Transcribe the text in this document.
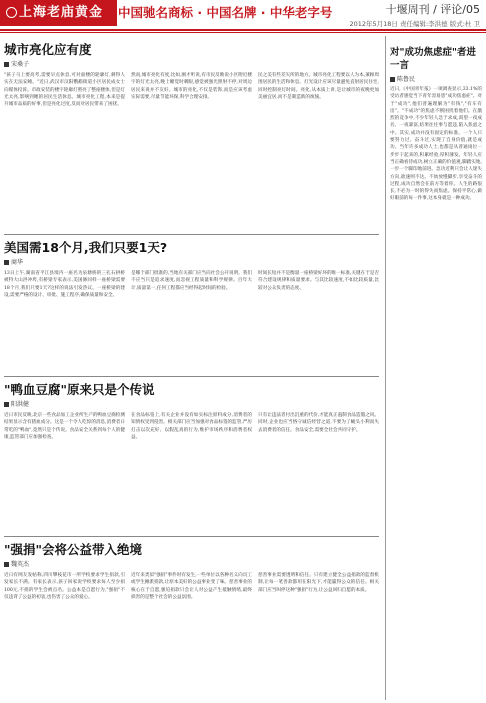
上海老庙黄金	中国驰名商标 · 中国名牌 · 中华老字号	十堰周刊 / 评论/05
2012年5月18日 责任编辑:李洪德 版式:杜 卫
城市亮化应有度
宋桑子
"孩子马上要高考,需要早点休息,可对面楼的轮廓灯,刺得人实在无法安睡。"近日,武汉市汉阳鹦鹉街道小区居民成女士向媒体投诉。市政安装的楼宇轮廓灯照亮了整座楼体,但是灯光太亮,影响到她的居民生活休息。城市亮化工程,本来是提升城市品质的好事,但是亮化过度,反而对居民带来了困扰。
然而,城市亮化有度,比如,刚才听说,有市民反映说小区附近楼宇的灯光太亮,晚上睡觉时刺眼,感觉被强光照射不停,对周边居民来说并不友好。城市的亮化,不仅是装饰,而是应该考虑实际需要,尽量节能环保,科学合理安排。
民之美有些差矢所的地方。城市亮化工程要以人为本,兼顾周围居民的生活和休息。灯光设计应该尽量避免直射居民住宅,同时控制亮灯时间。亮化,从本质上讲,是让城市的夜晚更加美丽宜居,而不是制造新的烦恼。
美国需18个月,我们只要1天?
商华
13日上午,湖南省平江县境内一座名为泉塘桥的三孔石拱桥被特大山洪冲垮,有桥梁专家表示,美国修同样一座桥梁需要18个月,我们只要1天?这样的说法引发热议。一座桥梁的建设,需要严格的设计、审批、施工程序,确保质量和安全。
是哪个部门批准的,当地有关部门应当向社会公开说明。我们不应当只是追求速度,而忽视工程质量和科学规律。百年大计,质量第一,任何工程都应当经得起时间的检验。
时间长短并不是衡量一座桥梁好坏的唯一标准,关键在于是否符合建设规律和质量要求。与其比较速度,不如比较质量,比较对公众负责的态度。
"鸭血豆腐"原来只是个传说
阳洪健
近日市民反映,北京一些食品加工企业所生产的鸭血豆腐检测结果显示含有猪血成分。这是一个令人吃惊的消息,消费者日常吃的"鸭血",竟然只是个传说。食品安全关系到每个人的健康,监管部门应加强检查。
在食品标签上,有关企业并没有如实标注原料成分,消费者的知情权受到侵害。相关部门应当加强对食品标签的监管,严厉打击以次充好、以假乱真的行为,维护市场秩序和消费者权益。
只有让违法者付出沉重的代价,才能真正遏制食品造假之风。同时,企业也应当恪守诚信经营之道,不要为了蝇头小利而失去消费者的信任。食品安全,需要全社会共同守护。
"强捐"会将公益带入绝境
魏英杰
近日有网友发帖称,四川攀枝花市一所学校要求学生捐款,引发家长不满。有家长表示,孩子回家说学校要求每人至少捐100元,不捐的学生会被点名。公益本是自愿行为,"强捐"不仅违背了公益的初衷,也伤害了公众的爱心。
近年来类似"强捐"事件时有发生,一些单位以各种名义向员工或学生摊派捐款,让原本美好的公益事业变了味。慈善事业的核心在于自愿,强迫捐款只会让人对公益产生抵触情绪,最终损害的是整个社会的公益氛围。
慈善事业需要透明和信任。只有建立健全公益捐款的监督机制,让每一笔善款都用在阳光下,才能赢得公众的信任。相关部门应当叫停这种"强捐"行为,让公益回归自愿的本质。
对"成功焦虑症"者进一言
陈鲁民
近日,《中国青年报》一项调查显示,33.1%的受访者感觉当下青年容易患"成功焦虑症"。对于"成功",他们普遍理解为"有钱","有车有房"。"不成功"的焦虑不断困扰着他们。在激烈的竞争中,不少年轻人急于求成,渴望一夜成名、一夜暴富,结果往往事与愿违,陷入焦虑之中。其实,成功并没有固定的标准。一个人只要努力过、奋斗过,实现了自身价值,就是成功。当年许多成功人士,也都是从普通岗位一步步干起来的,积累经验,厚积薄发。年轻人应当正确看待成功,树立正确的价值观,脚踏实地,一步一个脚印地前进。急功近利只会让人迷失方向,欲速则不达。不妨放慢脚步,享受奋斗的过程,成功自然会在前方等着你。人生的路很长,不必为一时的得失而焦虑。保持平常心,做好眼前的每一件事,这本身就是一种成功。
